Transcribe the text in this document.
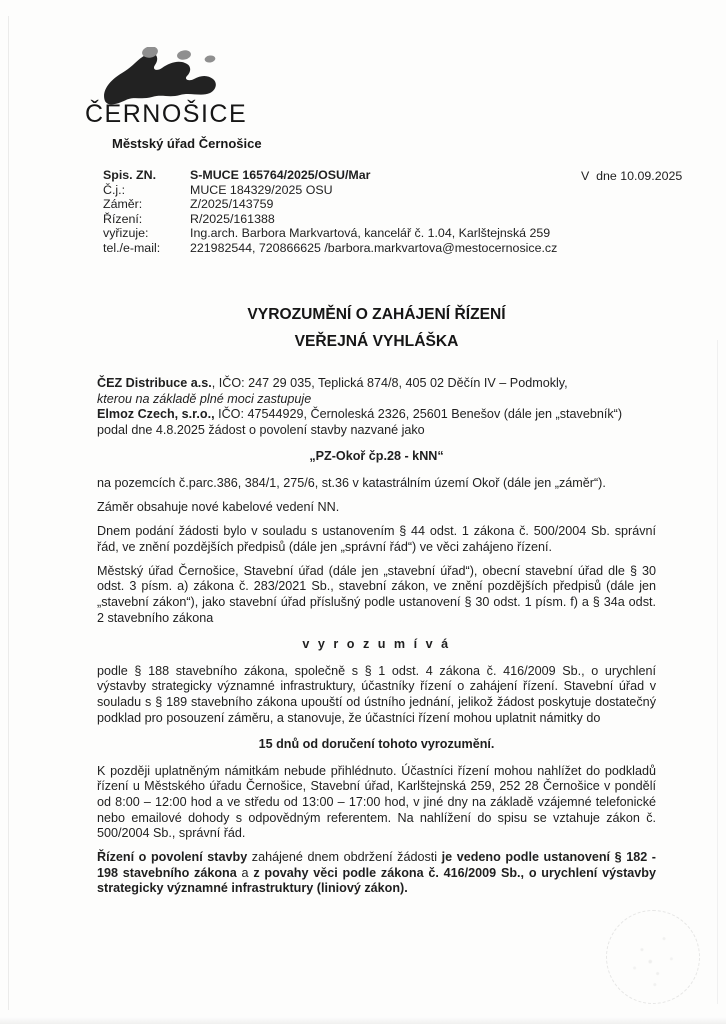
ČERNOŠICE
Městský úřad Černošice
Spis. ZN.	S-MUCE 165764/2025/OSU/Mar
Č.j.:	MUCE 184329/2025 OSU
Záměr:	Z/2025/143759
Řízení:	R/2025/161388
vyřizuje:	Ing.arch. Barbora Markvartová, kancelář č. 1.04, Karlštejnská 259
tel./e-mail: 221982544, 720866625 /barbora.markvartova@mestocernosice.cz
V  dne 10.09.2025
VYROZUMĚNÍ O ZAHÁJENÍ ŘÍZENÍ
VEŘEJNÁ VYHLÁŠKA

ČEZ Distribuce a.s., IČO: 247 29 035, Teplická 874/8, 405 02 Děčín IV – Podmokly,
kterou na základě plné moci zastupuje
Elmoz Czech, s.r.o., IČO: 47544929, Černoleská 2326, 25601 Benešov (dále jen „stavebník“)
podal dne 4.8.2025 žádost o povolení stavby nazvané jako

„PZ-Okoř čp.28 - kNN“

na pozemcích č.parc.386, 384/1, 275/6, st.36 v katastrálním území Okoř (dále jen „záměr“).

Záměr obsahuje nové kabelové vedení NN.

Dnem podání žádosti bylo v souladu s ustanovením § 44 odst. 1 zákona č. 500/2004 Sb. správní řád, ve znění pozdějších předpisů (dále jen „správní řád“) ve věci zahájeno řízení.

Městský úřad Černošice, Stavební úřad (dále jen „stavební úřad“), obecní stavební úřad dle § 30 odst. 3 písm. a) zákona č. 283/2021 Sb., stavební zákon, ve znění pozdějších předpisů (dále jen „stavební zákon“), jako stavební úřad příslušný podle ustanovení § 30 odst. 1 písm. f) a § 34a odst. 2 stavebního zákona

v y r o z u m í v á

podle § 188 stavebního zákona, společně s § 1 odst. 4 zákona č. 416/2009 Sb., o urychlení výstavby strategicky významné infrastruktury, účastníky řízení o zahájení řízení. Stavební úřad v souladu s § 189 stavebního zákona upouští od ústního jednání, jelikož žádost poskytuje dostatečný podklad pro posouzení záměru, a stanovuje, že účastníci řízení mohou uplatnit námitky do

15 dnů od doručení tohoto vyrozumění.

K později uplatněným námitkám nebude přihlédnuto. Účastníci řízení mohou nahlížet do podkladů řízení u Městského úřadu Černošice, Stavební úřad, Karlštejnská 259, 252 28 Černošice v pondělí od 8:00 – 12:00 hod a ve středu od 13:00 – 17:00 hod, v jiné dny na základě vzájemné telefonické nebo emailové dohody s odpovědným referentem. Na nahlížení do spisu se vztahuje zákon č. 500/2004 Sb., správní řád.

Řízení o povolení stavby zahájené dnem obdržení žádosti je vedeno podle ustanovení § 182 - 198 stavebního zákona a z povahy věci podle zákona č. 416/2009 Sb., o urychlení výstavby strategicky významné infrastruktury (liniový zákon).
